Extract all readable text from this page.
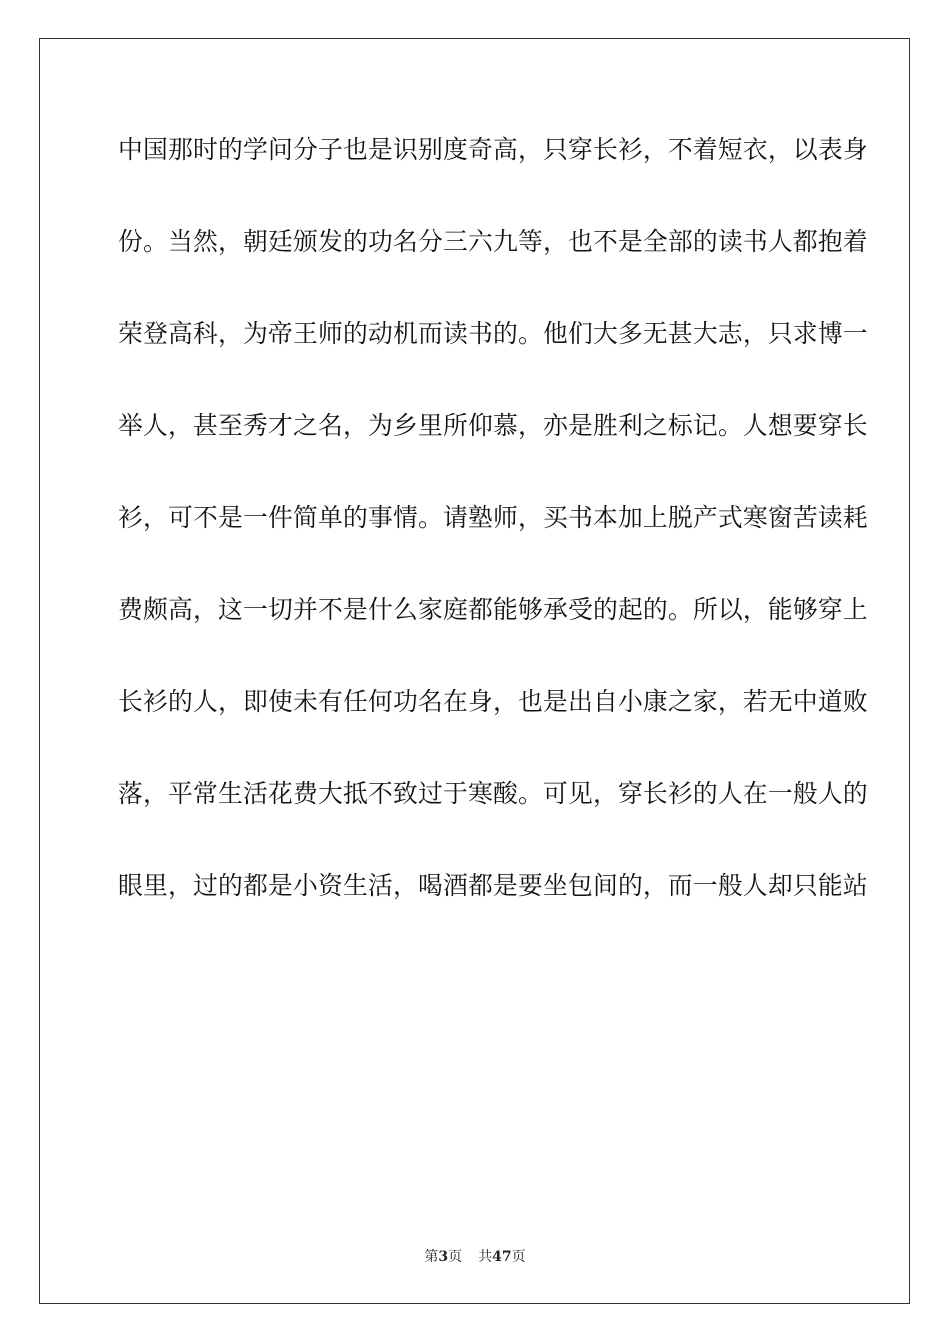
中国那时的学问分子也是识别度奇高，只穿长衫，不着短衣，以表身
份。当然，朝廷颁发的功名分三六九等，也不是全部的读书人都抱着
荣登高科，为帝王师的动机而读书的。他们大多无甚大志，只求博一
举人，甚至秀才之名，为乡里所仰慕，亦是胜利之标记。人想要穿长
衫，可不是一件简单的事情。请塾师，买书本加上脱产式寒窗苦读耗
费颇高，这一切并不是什么家庭都能够承受的起的。所以，能够穿上
长衫的人，即使未有任何功名在身，也是出自小康之家，若无中道败
落，平常生活花费大抵不致过于寒酸。可见，穿长衫的人在一般人的
眼里，过的都是小资生活，喝酒都是要坐包间的，而一般人却只能站
第3页 共47页
